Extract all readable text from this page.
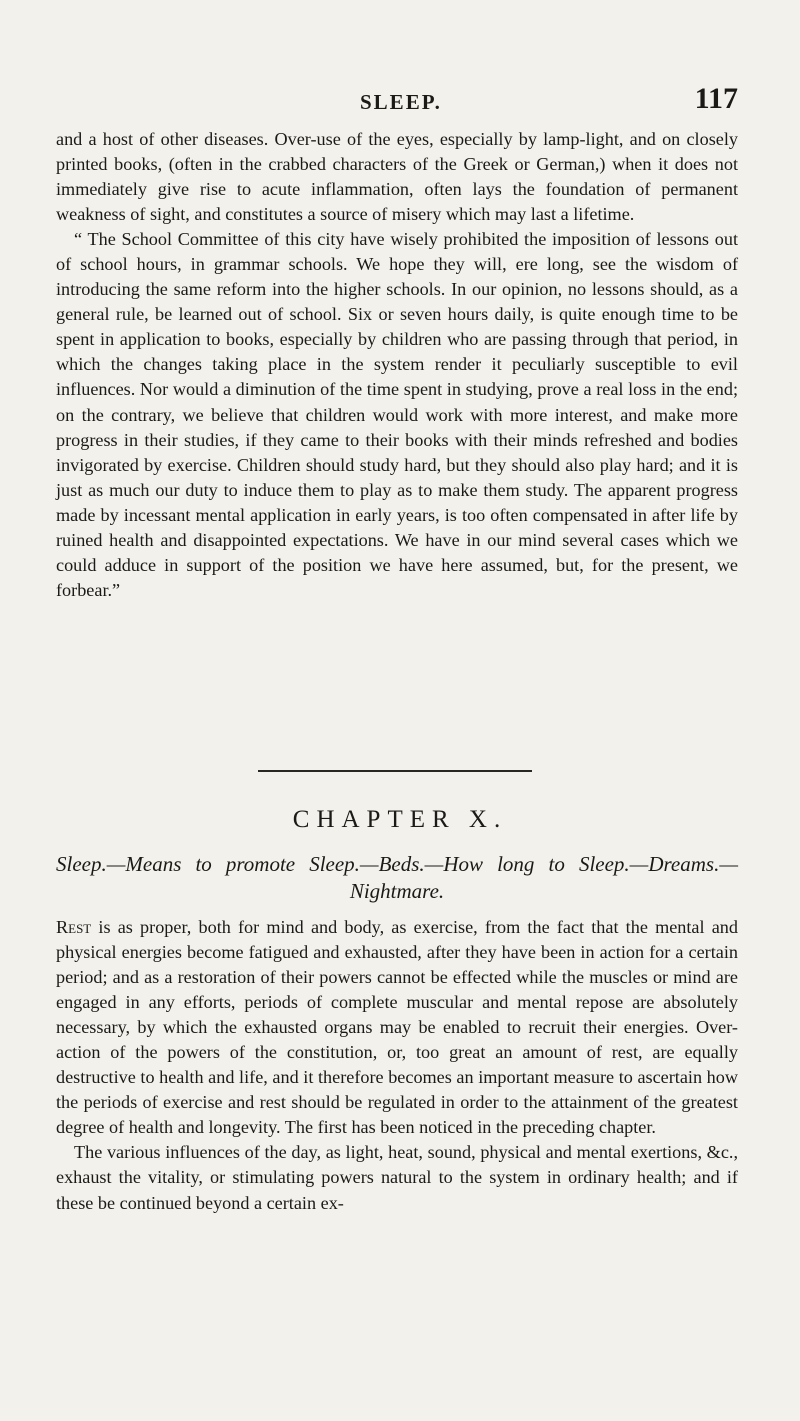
SLEEP.	117

and a host of other diseases. Over-use of the eyes, especially by lamp-light, and on closely printed books, (often in the crabbed characters of the Greek or German,) when it does not immediately give rise to acute inflammation, often lays the foundation of permanent weakness of sight, and constitutes a source of misery which may last a lifetime.

“ The School Committee of this city have wisely prohibited the imposition of lessons out of school hours, in grammar schools. We hope they will, ere long, see the wisdom of introducing the same reform into the higher schools. In our opinion, no lessons should, as a general rule, be learned out of school. Six or seven hours daily, is quite enough time to be spent in application to books, especially by children who are passing through that period, in which the changes taking place in the system render it peculiarly susceptible to evil influences. Nor would a diminution of the time spent in studying, prove a real loss in the end; on the contrary, we believe that children would work with more interest, and make more progress in their studies, if they came to their books with their minds refreshed and bodies invigorated by exercise. Children should study hard, but they should also play hard; and it is just as much our duty to induce them to play as to make them study. The apparent progress made by incessant mental application in early years, is too often compensated in after life by ruined health and disappointed expectations. We have in our mind several cases which we could adduce in support of the position we have here assumed, but, for the present, we forbear.”

CHAPTER X.
Sleep.—Means to promote Sleep.—Beds.—How long to Sleep.—Dreams.—Nightmare.

Rest is as proper, both for mind and body, as exercise, from the fact that the mental and physical energies become fatigued and exhausted, after they have been in action for a certain period; and as a restoration of their powers cannot be effected while the muscles or mind are engaged in any efforts, periods of complete muscular and mental repose are absolutely necessary, by which the exhausted organs may be enabled to recruit their energies. Over-action of the powers of the constitution, or, too great an amount of rest, are equally destructive to health and life, and it therefore becomes an important measure to ascertain how the periods of exercise and rest should be regulated in order to the attainment of the greatest degree of health and longevity. The first has been noticed in the preceding chapter.

The various influences of the day, as light, heat, sound, physical and mental exertions, &c., exhaust the vitality, or stimulating powers natural to the system in ordinary health; and if these be continued beyond a certain ex-
